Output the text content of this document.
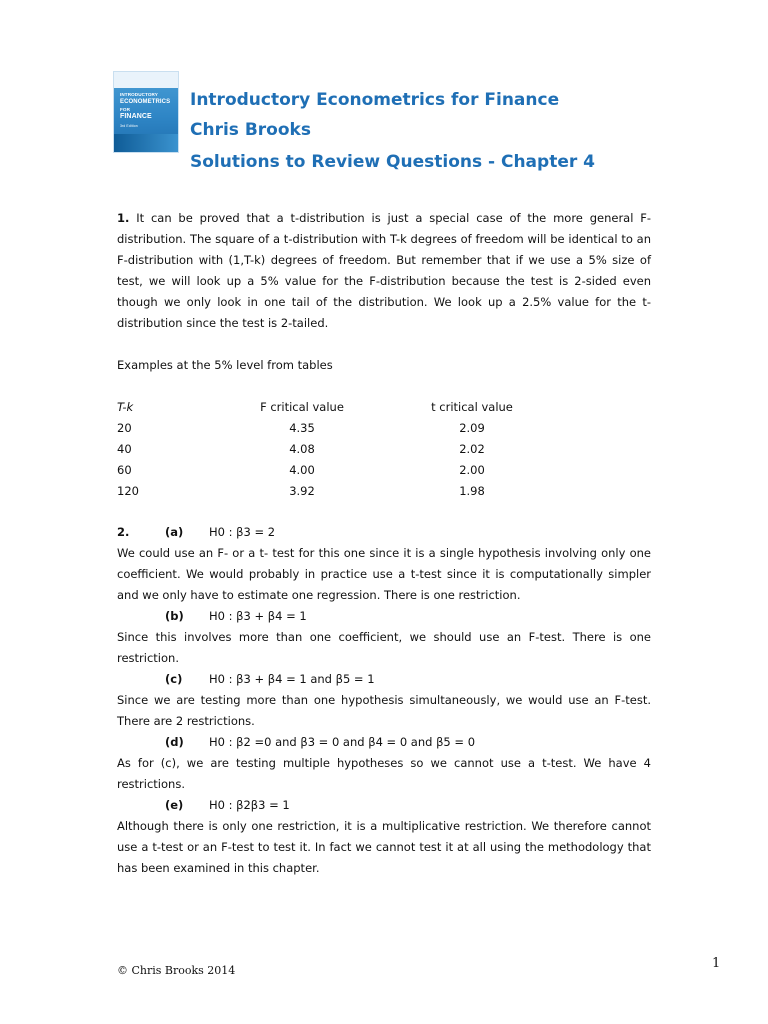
INTRODUCTORY
ECONOMETRICS
FOR
FINANCE
3rd Edition
Introductory Econometrics for Finance
Chris Brooks
Solutions to Review Questions - Chapter 4
1. It can be proved that a t-distribution is just a special case of the more general F-distribution. The square of a t-distribution with T-k degrees of freedom will be identical to an F-distribution with (1,T-k) degrees of freedom. But remember that if we use a 5% size of test, we will look up a 5% value for the F-distribution because the test is 2-sided even though we only look in one tail of the distribution. We look up a 2.5% value for the t-distribution since the test is 2-tailed.
Examples at the 5% level from tables
T-k	F critical value	t critical value
20	4.35	2.09
40	4.08	2.02
60	4.00	2.00
120	3.92	1.98
2.	(a) H0 : β3 = 2
We could use an F- or a t- test for this one since it is a single hypothesis involving only one coefficient. We would probably in practice use a t-test since it is computationally simpler and we only have to estimate one regression. There is one restriction.
(b) H0 : β3 + β4 = 1
Since this involves more than one coefficient, we should use an F-test. There is one restriction.
(c) H0 : β3 + β4 = 1 and β5 = 1
Since we are testing more than one hypothesis simultaneously, we would use an F-test. There are 2 restrictions.
(d) H0 : β2 =0 and β3 = 0 and β4 = 0 and β5 = 0
As for (c), we are testing multiple hypotheses so we cannot use a t-test. We have 4 restrictions.
(e) H0 : β2β3 = 1
Although there is only one restriction, it is a multiplicative restriction. We therefore cannot use a t-test or an F-test to test it. In fact we cannot test it at all using the methodology that has been examined in this chapter.
© Chris Brooks 2014	1
